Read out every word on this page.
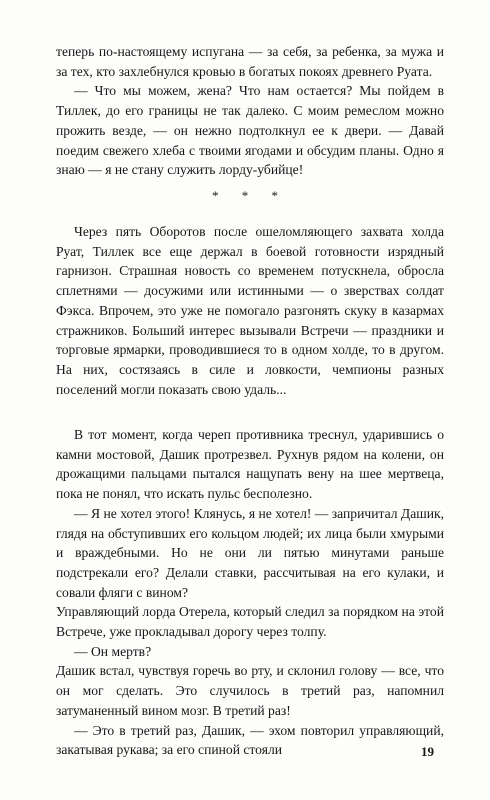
теперь по-настоящему испугана — за себя, за ребенка, за мужа и за тех, кто захлебнулся кровью в богатых покоях древнего Руата.

— Что мы можем, жена? Что нам остается? Мы пойдем в Тиллек, до его границы не так далеко. С моим ремеслом можно прожить везде, — он нежно подтолкнул ее к двери. — Давай поедим свежего хлеба с твоими ягодами и обсудим планы. Одно я знаю — я не стану служить лорду-убийце!

* * *

Через пять Оборотов после ошеломляющего захвата холда Руат, Тиллек все еще держал в боевой готовности изрядный гарнизон. Страшная новость со временем потускнела, обросла сплетнями — досужими или истинными — о зверствах солдат Фэкса. Впрочем, это уже не помогало разгонять скуку в казармах стражников. Больший интерес вызывали Встречи — праздники и торговые ярмарки, проводившиеся то в одном холде, то в другом. На них, состязаясь в силе и ловкости, чемпионы разных поселений могли показать свою удаль...

В тот момент, когда череп противника треснул, ударившись о камни мостовой, Дашик протрезвел. Рухнув рядом на колени, он дрожащими пальцами пытался нащупать вену на шее мертвеца, пока не понял, что искать пульс бесполезно.

— Я не хотел этого! Клянусь, я не хотел! — запричитал Дашик, глядя на обступивших его кольцом людей; их лица были хмурыми и враждебными. Но не они ли пятью минутами раньше подстрекали его? Делали ставки, рассчитывая на его кулаки, и совали фляги с вином?

Управляющий лорда Отерела, который следил за порядком на этой Встрече, уже прокладывал дорогу через толпу.

— Он мертв?

Дашик встал, чувствуя горечь во рту, и склонил голову — все, что он мог сделать. Это случилось в третий раз, напомнил затуманенный вином мозг. В третий раз!

— Это в третий раз, Дашик, — эхом повторил управляющий, закатывая рукава; за его спиной стояли	19
